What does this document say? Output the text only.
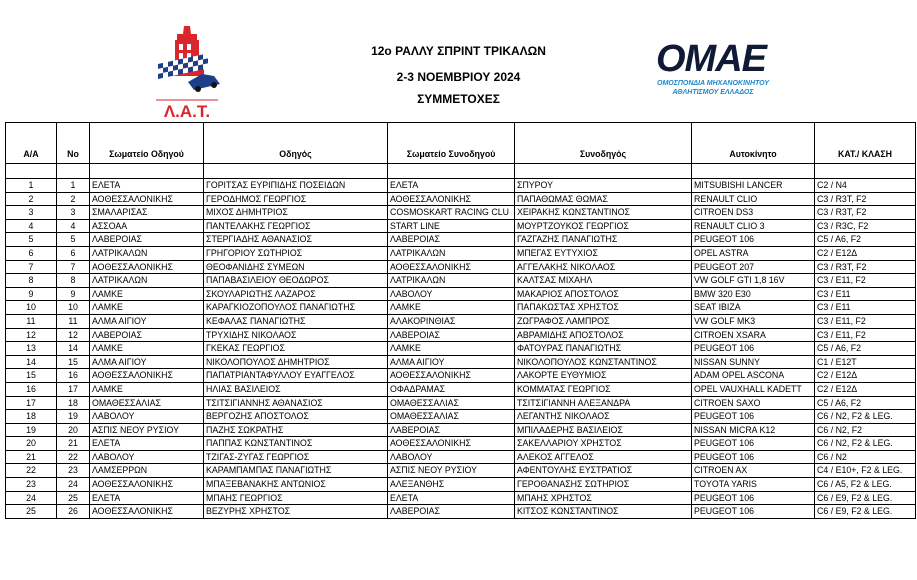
Λ.Α.Τ.
12ο ΡΑΛΛΥ ΣΠΡΙΝΤ ΤΡΙΚΑΛΩΝ
2-3 ΝΟΕΜΒΡΙΟΥ 2024
ΣΥΜΜΕΤΟΧΕΣ
OMAE
ΟΜΟΣΠΟΝΔΙΑ ΜΗΧΑΝΟΚΙΝΗΤΟΥ
ΑΘΛΗΤΙΣΜΟΥ ΕΛΛΑΔΟΣ
Α/Α	Νο	Σωματείο Οδηγού	Οδηγός	Σωματείο Συνοδηγού	Συνοδηγός	Αυτοκίνητο	ΚΑΤ./ ΚΛΑΣΗ

1	1	ΕΛΕΤΑ	ΓΟΡΙΤΣΑΣ ΕΥΡΙΠΙΔΗΣ ΠΟΣΕΙΔΩΝ	ΕΛΕΤΑ	ΣΠΥΡΟΥ	MITSUBISHI LANCER	C2 / N4
2	2	ΑΟΘΕΣΣΑΛΟΝΙΚΗΣ	ΓΕΡΟΔΗΜΟΣ ΓΕΩΡΓΙΟΣ	ΑΟΘΕΣΣΑΛΟΝΙΚΗΣ	ΠΑΠΑΘΩΜΑΣ ΘΩΜΑΣ	RENAULT CLIO	C3 / R3T, F2
3	3	ΣΜΑΛΑΡΙΣΑΣ	ΜΙΧΟΣ ΔΗΜΗΤΡΙΟΣ	COSMOSKART RACING CLU	ΧΕΙΡΑΚΗΣ ΚΩΝΣΤΑΝΤΙΝΟΣ	CITROEN DS3	C3 / R3T, F2
4	4	ΑΣΣΟΑΑ	ΠΑΝΤΕΛΑΚΗΣ ΓΕΩΡΓΙΟΣ	START LINE	ΜΟΥΡΤΖΟΥΚΟΣ ΓΕΩΡΓΙΟΣ	RENAULT CLIO 3	C3 / R3C, F2
5	5	ΛΑΒΕΡΟΙΑΣ	ΣΤΕΡΓΙΑΔΗΣ ΑΘΑΝΑΣΙΟΣ	ΛΑΒΕΡΟΙΑΣ	ΓΑΖΓΑΖΗΣ ΠΑΝΑΓΙΩΤΗΣ	PEUGEOT 106	C5 / A6, F2
6	6	ΛΑΤΡΙΚΑΛΩΝ	ΓΡΗΓΟΡΙΟΥ ΣΩΤΗΡΙΟΣ	ΛΑΤΡΙΚΑΛΩΝ	ΜΠΕΓΑΣ ΕΥΤΥΧΙΟΣ	OPEL ASTRA	C2 / E12Δ
7	7	ΑΟΘΕΣΣΑΛΟΝΙΚΗΣ	ΘΕΟΦΑΝΙΔΗΣ ΣΥΜΕΩΝ	ΑΟΘΕΣΣΑΛΟΝΙΚΗΣ	ΑΓΓΕΛΑΚΗΣ ΝΙΚΟΛΑΟΣ	PEUGEOT 207	C3 / R3T, F2
8	8	ΛΑΤΡΙΚΑΛΩΝ	ΠΑΠΑΒΑΣΙΛΕΙΟΥ ΘΕΟΔΩΡΟΣ	ΛΑΤΡΙΚΑΛΩΝ	ΚΑΛΤΣΑΣ ΜΙΧΑΗΛ	VW GOLF GTI 1,8 16V	C3 / E11, F2
9	9	ΛΑΜΚΕ	ΣΚΟΥΛΑΡΙΩΤΗΣ ΛΑΖΑΡΟΣ	ΛΑΒΟΛΟΥ	ΜΑΚΑΡΙΟΣ ΑΠΟΣΤΟΛΟΣ	BMW 320 E30	C3 / E11
10	10	ΛΑΜΚΕ	ΚΑΡΑΓΚΙΟΖΟΠΟΥΛΟΣ ΠΑΝΑΓΙΩΤΗΣ	ΛΑΜΚΕ	ΠΑΠΑΚΩΣΤΑΣ ΧΡΗΣΤΟΣ	SEAT IBIZA	C3 / E11
11	11	ΑΛΜΑ ΑΙΓΙΟΥ	ΚΕΦΑΛΑΣ ΠΑΝΑΓΙΩΤΗΣ	ΑΛΑΚΟΡΙΝΘΙΑΣ	ΖΩΓΡΑΦΟΣ ΛΑΜΠΡΟΣ	VW GOLF MK3	C3 / E11, F2
12	12	ΛΑΒΕΡΟΙΑΣ	ΤΡΥΧΙΔΗΣ ΝΙΚΟΛΑΟΣ	ΛΑΒΕΡΟΙΑΣ	ΑΒΡΑΜΙΔΗΣ ΑΠΟΣΤΟΛΟΣ	CITROEN XSARA	C3 / E11, F2
13	14	ΛΑΜΚΕ	ΓΚΕΚΑΣ ΓΕΩΡΓΙΟΣ	ΛΑΜΚΕ	ΦΑΤΟΥΡΑΣ ΠΑΝΑΓΙΩΤΗΣ	PEUGEOT 106	C5 / A6, F2
14	15	ΑΛΜΑ ΑΙΓΙΟΥ	ΝΙΚΟΛΟΠΟΥΛΟΣ ΔΗΜΗΤΡΙΟΣ	ΑΛΜΑ ΑΙΓΙΟΥ	ΝΙΚΟΛΟΠΟΥΛΟΣ ΚΩΝΣΤΑΝΤΙΝΟΣ	NISSAN SUNNY	C1 / E12T
15	16	ΑΟΘΕΣΣΑΛΟΝΙΚΗΣ	ΠΑΠΑΤΡΙΑΝΤΑΦΥΛΛΟΥ ΕΥΑΓΓΕΛΟΣ	ΑΟΘΕΣΣΑΛΟΝΙΚΗΣ	ΛΑΚΟΡΤΕ ΕΥΘΥΜΙΟΣ	ADAM OPEL ASCONA	C2 / E12Δ
16	17	ΛΑΜΚΕ	ΗΛΙΑΣ ΒΑΣΙΛΕΙΟΣ	ΟΦΑΔΡΑΜΑΣ	ΚΟΜΜΑΤΑΣ ΓΕΩΡΓΙΟΣ	OPEL VAUXHALL KADETT	C2 / E12Δ
17	18	ΟΜΑΘΕΣΣΑΛΙΑΣ	ΤΣΙΤΣΙΓΙΑΝΝΗΣ ΑΘΑΝΑΣΙΟΣ	ΟΜΑΘΕΣΣΑΛΙΑΣ	ΤΣΙΤΣΙΓΙΑΝΝΗ ΑΛΕΞΑΝΔΡΑ	CITROEN SAXO	C5 / A6, F2
18	19	ΛΑΒΟΛΟΥ	ΒΕΡΓΟΖΗΣ ΑΠΟΣΤΟΛΟΣ	ΟΜΑΘΕΣΣΑΛΙΑΣ	ΛΕΓΑΝΤΗΣ ΝΙΚΟΛΑΟΣ	PEUGEOT 106	C6 / N2, F2 & LEG.
19	20	ΑΣΠΙΣ ΝΕΟΥ ΡΥΣΙΟΥ	ΠΑΖΗΣ ΣΩΚΡΑΤΗΣ	ΛΑΒΕΡΟΙΑΣ	ΜΠΙΛΑΔΕΡΗΣ ΒΑΣΙΛΕΙΟΣ	NISSAN MICRA K12	C6 / N2, F2
20	21	ΕΛΕΤΑ	ΠΑΠΠΑΣ ΚΩΝΣΤΑΝΤΙΝΟΣ	ΑΟΘΕΣΣΑΛΟΝΙΚΗΣ	ΣΑΚΕΛΛΑΡΙΟΥ ΧΡΗΣΤΟΣ	PEUGEOT 106	C6 / N2, F2 & LEG.
21	22	ΛΑΒΟΛΟΥ	ΤΖΙΓΑΣ-ΖΥΓΑΣ ΓΕΩΡΓΙΟΣ	ΛΑΒΟΛΟΥ	ΑΛΕΚΟΣ ΑΓΓΕΛΟΣ	PEUGEOT 106	C6 / N2
22	23	ΛΑΜΣΕΡΡΩΝ	ΚΑΡΑΜΠΑΜΠΑΣ ΠΑΝΑΓΙΩΤΗΣ	ΑΣΠΙΣ ΝΕΟΥ ΡΥΣΙΟΥ	ΑΦΕΝΤΟΥΛΗΣ ΕΥΣΤΡΑΤΙΟΣ	CITROEN AX	C4 / E10+, F2 & LEG.
23	24	ΑΟΘΕΣΣΑΛΟΝΙΚΗΣ	ΜΠΑΞΕΒΑΝΑΚΗΣ ΑΝΤΩΝΙΟΣ	ΑΛΕΞΑΝΘΗΣ	ΓΕΡΟΘΑΝΑΣΗΣ ΣΩΤΗΡΙΟΣ	TOYOTA YARIS	C6 / A5, F2 & LEG.
24	25	ΕΛΕΤΑ	ΜΠΑΗΣ ΓΕΩΡΓΙΟΣ	ΕΛΕΤΑ	ΜΠΑΗΣ ΧΡΗΣΤΟΣ	PEUGEOT 106	C6 / E9, F2 & LEG.
25	26	ΑΟΘΕΣΣΑΛΟΝΙΚΗΣ	ΒΕΖΥΡΗΣ ΧΡΗΣΤΟΣ	ΛΑΒΕΡΟΙΑΣ	ΚΙΤΣΟΣ ΚΩΝΣΤΑΝΤΙΝΟΣ	PEUGEOT 106	C6 / E9, F2 & LEG.
